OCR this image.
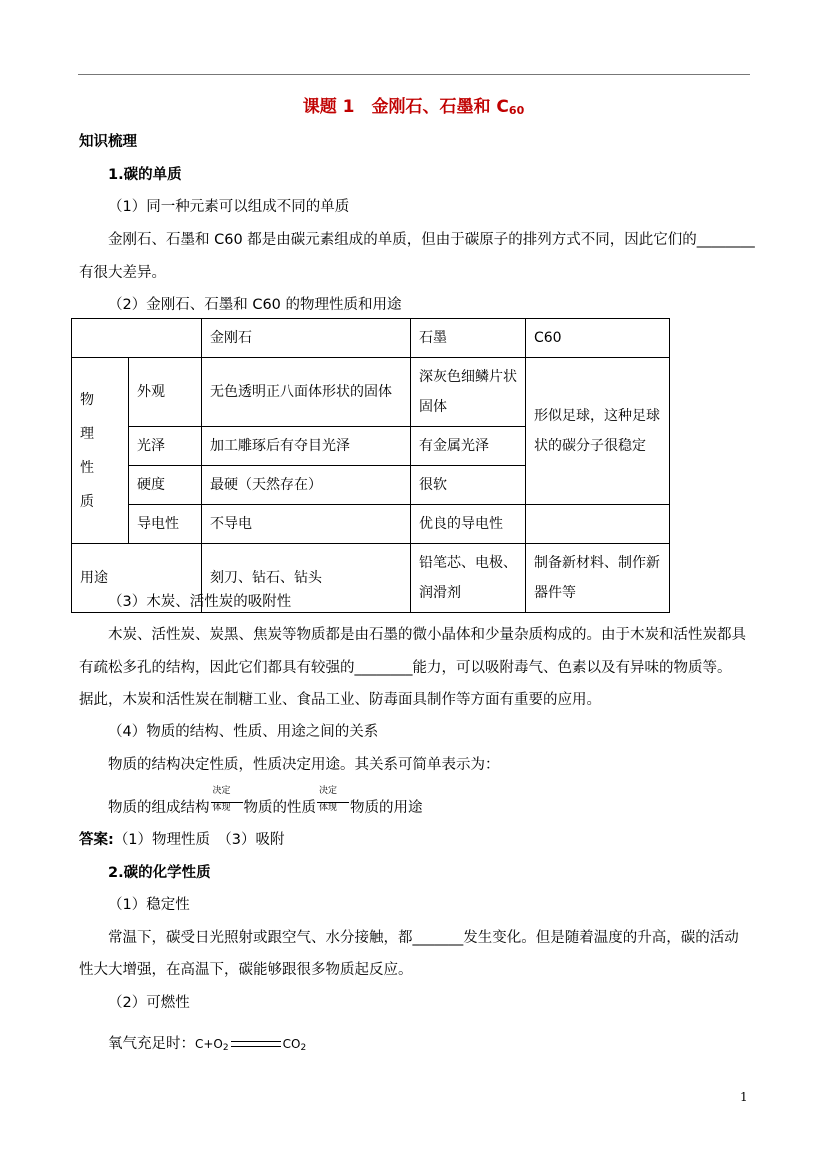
课题 1　金刚石、石墨和 $C_{60}$
知识梳理
1.碳的单质
（1）同一种元素可以组成不同的单质
金刚石、石墨和 C60 都是由碳元素组成的单质，但由于碳原子的排列方式不同，因此它们的________
有很大差异。
（2）金刚石、石墨和 C60 的物理性质和用途
		金刚石	石墨	C60

物理性质	外观	无色透明正八面体形状的固体	深灰色细鳞片状固体	形似足球，这种足球状的碳分子很稳定
	光泽	加工雕琢后有夺目光泽	有金属光泽	
	硬度	最硬（天然存在）	很软	
	导电性	不导电	优良的导电性	
用途		刻刀、钻石、钻头	铅笔芯、电极、润滑剂	制备新材料、制作新器件等
（3）木炭、活性炭的吸附性
木炭、活性炭、炭黑、焦炭等物质都是由石墨的微小晶体和少量杂质构成的。由于木炭和活性炭都具
有疏松多孔的结构，因此它们都具有较强的________能力，可以吸附毒气、色素以及有异味的物质等。
据此，木炭和活性炭在制糖工业、食品工业、防毒面具制作等方面有重要的应用。
（4）物质的结构、性质、用途之间的关系
物质的结构决定性质，性质决定用途。其关系可简单表示为：
物质的组成结构
决定
体现 物质的性质
决定
体现 物质的用途
答案:（1）物理性质　（3）吸附
2.碳的化学性质
（1）稳定性
常温下，碳受日光照射或跟空气、水分接触，都_______发生变化。但是随着温度的升高，碳的活动
性大大增强，在高温下，碳能够跟很多物质起反应。
（2）可燃性
氧气充足时：$C+O_2$	$CO_2$
1
